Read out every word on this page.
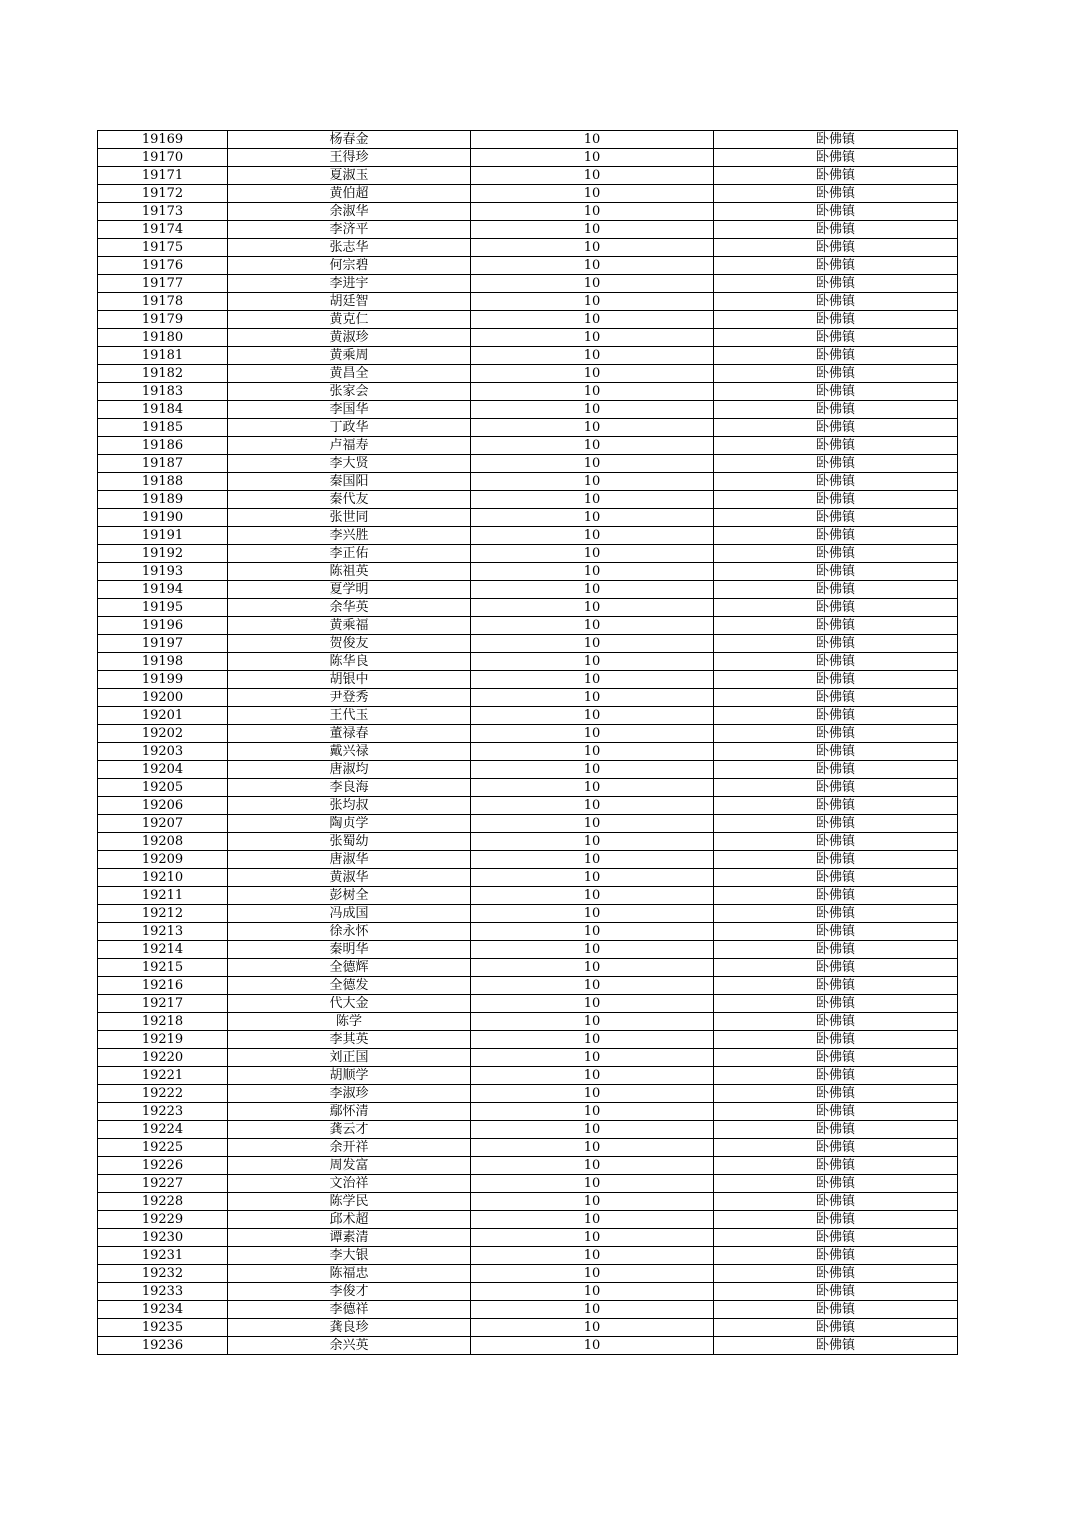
19169	杨春金	10	卧佛镇
19170	王得珍	10	卧佛镇
19171	夏淑玉	10	卧佛镇
19172	黄伯超	10	卧佛镇
19173	余淑华	10	卧佛镇
19174	李济平	10	卧佛镇
19175	张志华	10	卧佛镇
19176	何宗碧	10	卧佛镇
19177	李进宇	10	卧佛镇
19178	胡廷智	10	卧佛镇
19179	黄克仁	10	卧佛镇
19180	黄淑珍	10	卧佛镇
19181	黄乘周	10	卧佛镇
19182	黄昌全	10	卧佛镇
19183	张家会	10	卧佛镇
19184	李国华	10	卧佛镇
19185	丁政华	10	卧佛镇
19186	卢福寿	10	卧佛镇
19187	李大贤	10	卧佛镇
19188	秦国阳	10	卧佛镇
19189	秦代友	10	卧佛镇
19190	张世同	10	卧佛镇
19191	李兴胜	10	卧佛镇
19192	李正佑	10	卧佛镇
19193	陈祖英	10	卧佛镇
19194	夏学明	10	卧佛镇
19195	余华英	10	卧佛镇
19196	黄乘福	10	卧佛镇
19197	贺俊友	10	卧佛镇
19198	陈华良	10	卧佛镇
19199	胡银中	10	卧佛镇
19200	尹登秀	10	卧佛镇
19201	王代玉	10	卧佛镇
19202	董禄春	10	卧佛镇
19203	戴兴禄	10	卧佛镇
19204	唐淑均	10	卧佛镇
19205	李良海	10	卧佛镇
19206	张均叔	10	卧佛镇
19207	陶贞学	10	卧佛镇
19208	张蜀幼	10	卧佛镇
19209	唐淑华	10	卧佛镇
19210	黄淑华	10	卧佛镇
19211	彭树全	10	卧佛镇
19212	冯成国	10	卧佛镇
19213	徐永怀	10	卧佛镇
19214	秦明华	10	卧佛镇
19215	全德辉	10	卧佛镇
19216	全德发	10	卧佛镇
19217	代大金	10	卧佛镇
19218	陈学	10	卧佛镇
19219	李其英	10	卧佛镇
19220	刘正国	10	卧佛镇
19221	胡顺学	10	卧佛镇
19222	李淑珍	10	卧佛镇
19223	鄢怀清	10	卧佛镇
19224	龚云才	10	卧佛镇
19225	余开祥	10	卧佛镇
19226	周发富	10	卧佛镇
19227	文治祥	10	卧佛镇
19228	陈学民	10	卧佛镇
19229	邱术超	10	卧佛镇
19230	谭素清	10	卧佛镇
19231	李大银	10	卧佛镇
19232	陈福忠	10	卧佛镇
19233	李俊才	10	卧佛镇
19234	李德祥	10	卧佛镇
19235	龚良珍	10	卧佛镇
19236	余兴英	10	卧佛镇
